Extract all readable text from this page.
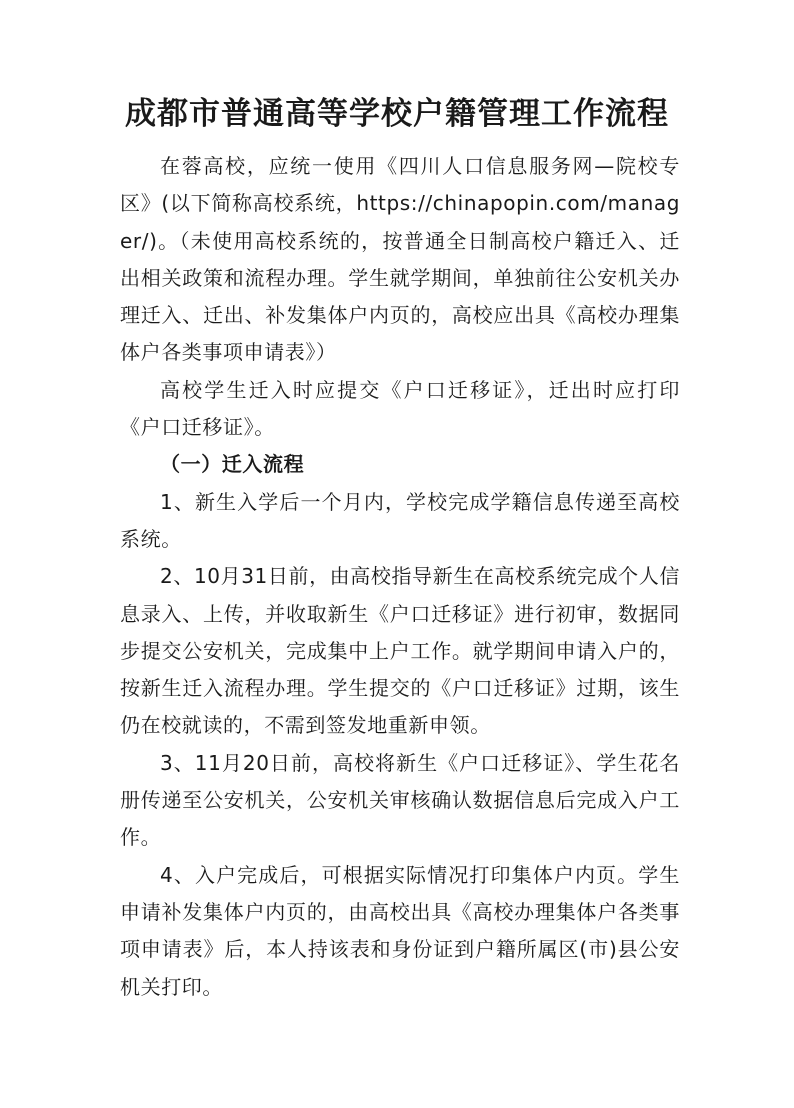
成都市普通高等学校户籍管理工作流程

在蓉高校，应统一使用《四川人口信息服务网—院校专区》(以下简称高校系统，https://chinapopin.com/manager/)。（未使用高校系统的，按普通全日制高校户籍迁入、迁出相关政策和流程办理。学生就学期间，单独前往公安机关办理迁入、迁出、补发集体户内页的，高校应出具《高校办理集体户各类事项申请表》）

高校学生迁入时应提交《户口迁移证》，迁出时应打印《户口迁移证》。

（一）迁入流程

1、新生入学后一个月内，学校完成学籍信息传递至高校系统。

2、10月31日前，由高校指导新生在高校系统完成个人信息录入、上传，并收取新生《户口迁移证》进行初审，数据同步提交公安机关，完成集中上户工作。就学期间申请入户的，按新生迁入流程办理。学生提交的《户口迁移证》过期，该生仍在校就读的，不需到签发地重新申领。

3、11月20日前，高校将新生《户口迁移证》、学生花名册传递至公安机关，公安机关审核确认数据信息后完成入户工作。

4、入户完成后，可根据实际情况打印集体户内页。学生申请补发集体户内页的，由高校出具《高校办理集体户各类事项申请表》后，本人持该表和身份证到户籍所属区(市)县公安机关打印。
